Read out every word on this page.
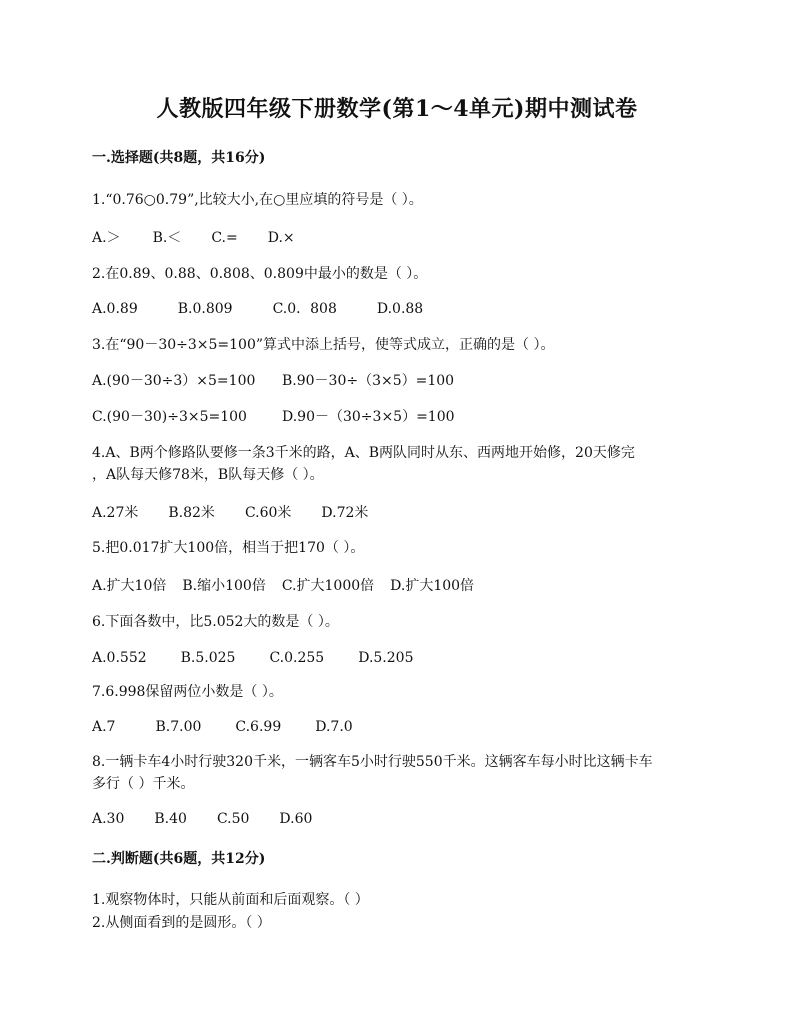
人教版四年级下册数学(第1～4单元)期中测试卷
一.选择题(共8题，共16分)
1.“0.76○0.79”,比较大小,在○里应填的符号是（ ）。
A.＞ B.＜ C.= D.×
2.在0.89、0.88、0.808、0.809中最小的数是（ ）。
A.0.89	B.0.809	C.0．808	D.0.88
3.在“90－30÷3×5=100”算式中添上括号，使等式成立，正确的是（ ）。
A.(90－30÷3）×5=100 B.90－30÷（3×5）=100
C.(90－30)÷3×5=100	D.90－（30÷3×5）=100
4.A、B两个修路队要修一条3千米的路，A、B两队同时从东、西两地开始修，20天修完
，A队每天修78米，B队每天修（ ）。
A.27米 B.82米 C.60米 D.72米
5.把0.017扩大100倍，相当于把170（ ）。
A.扩大10倍 B.缩小100倍 C.扩大1000倍 D.扩大100倍
6.下面各数中，比5.052大的数是（ ）。
A.0.552 B.5.025 C.0.255 D.5.205
7.6.998保留两位小数是（ ）。
A.7	B.7.00 C.6.99 D.7.0
8.一辆卡车4小时行驶320千米，一辆客车5小时行驶550千米。这辆客车每小时比这辆卡车
多行（ ）千米。
A.30 B.40 C.50 D.60
二.判断题(共6题，共12分)
1.观察物体时，只能从前面和后面观察。（ ）
2.从侧面看到的是圆形。（ ）
